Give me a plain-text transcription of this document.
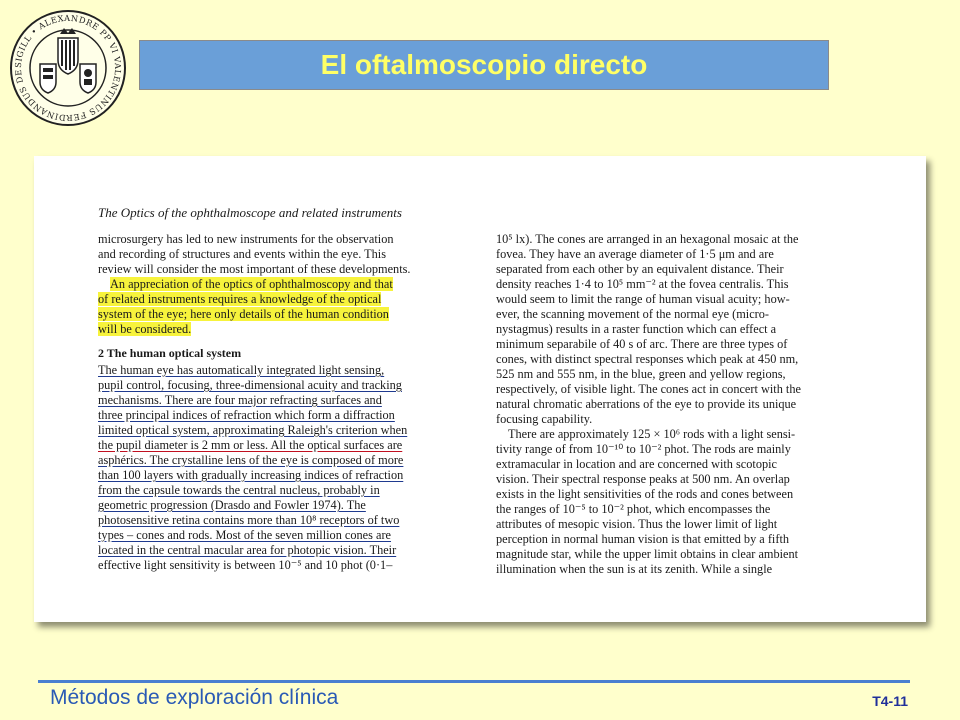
SIGILL • ALEXANDRE PP VI VALENTINUS FERDINANDUS DE	El oftalmoscopio directo
The Optics of the ophthalmoscope and related instruments
microsurgery has led to new instruments for the observation
and recording of structures and events within the eye. This
review will consider the most important of these developments.
An appreciation of the optics of ophthalmoscopy and that
of related instruments requires a knowledge of the optical
system of the eye; here only details of the human condition
will be considered.
2 The human optical system
The human eye has automatically integrated light sensing,
pupil control, focusing, three-dimensional acuity and tracking
mechanisms. There are four major refracting surfaces and
three principal indices of refraction which form a diffraction
limited optical system, approximating Raleigh's criterion when
the pupil diameter is 2 mm or less. All the optical surfaces are
asphérics. The crystalline lens of the eye is composed of more
than 100 layers with gradually increasing indices of refraction
from the capsule towards the central nucleus, probably in
geometric progression (Drasdo and Fowler 1974). The
photosensitive retina contains more than 10⁸ receptors of two
types – cones and rods. Most of the seven million cones are
located in the central macular area for photopic vision. Their
effective light sensitivity is between 10⁻⁵ and 10 phot (0·1–
10⁵ lx). The cones are arranged in an hexagonal mosaic at the
fovea. They have an average diameter of 1·5 μm and are
separated from each other by an equivalent distance. Their
density reaches 1·4 to 10⁵ mm⁻² at the fovea centralis. This
would seem to limit the range of human visual acuity; how-
ever, the scanning movement of the normal eye (micro-
nystagmus) results in a raster function which can effect a
minimum separabile of 40 s of arc. There are three types of
cones, with distinct spectral responses which peak at 450 nm,
525 nm and 555 nm, in the blue, green and yellow regions,
respectively, of visible light. The cones act in concert with the
natural chromatic aberrations of the eye to provide its unique
focusing capability.
There are approximately 125 × 10⁶ rods with a light sensi-
tivity range of from 10⁻¹⁰ to 10⁻² phot. The rods are mainly
extramacular in location and are concerned with scotopic
vision. Their spectral response peaks at 500 nm. An overlap
exists in the light sensitivities of the rods and cones between
the ranges of 10⁻⁵ to 10⁻² phot, which encompasses the
attributes of mesopic vision. Thus the lower limit of light
perception in normal human vision is that emitted by a fifth
magnitude star, while the upper limit obtains in clear ambient
illumination when the sun is at its zenith. While a single
Métodos de exploración clínica	T4-11
